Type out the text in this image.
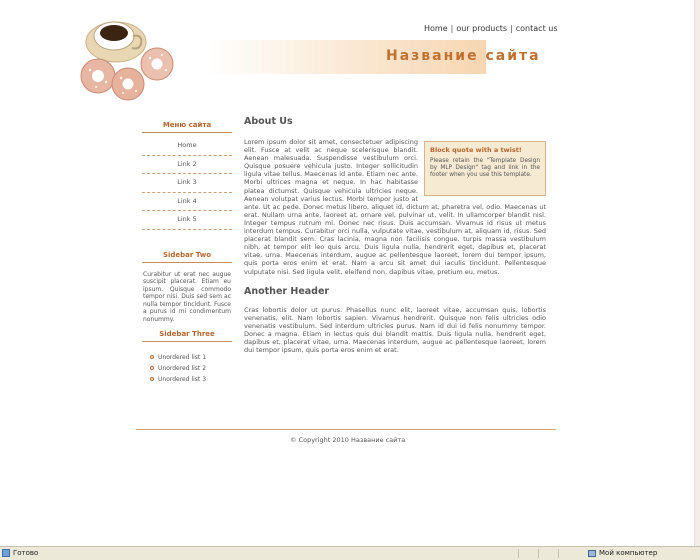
Home | our products | contact us
Название сайта
Меню сайта
Home
Link 2
Link 3
Link 4
Link 5
Sidebar Two
Curabitur ut erat nec augue suscipit placerat. Etiam eu ipsum. Quisque commodo tempor nisi. Duis sed sem ac nulla tempor tincidunt. Fusce a purus id mi condimentum nonummy.
Sidebar Three
Unordered list 1
Unordered list 2
Unordered list 3
About Us
Block quote with a twist!
Please retain the "Template Design by MLP Design" tag and link in the footer when you use this template.
Lorem ipsum dolor sit amet, consectetuer adipiscing elit. Fusce at velit ac neque scelerisque blandit. Aenean malesuada. Suspendisse vestibulum orci. Quisque posuere vehicula justo. Integer sollicitudin ligula vitae tellus. Maecenas id ante. Etiam nec ante. Morbi ultrices magna et neque. In hac habitasse platea dictumst. Quisque vehicula ultricies neque. Aenean volutpat varius lectus. Morbi tempor justo at ante. Ut ac pede. Donec metus libero, aliquet id, dictum at, pharetra vel, odio. Maecenas ut erat. Nullam urna ante, laoreet at, ornare vel, pulvinar ut, velit. In ullamcorper blandit nisl. Integer tempus rutrum mi. Donec nec risus. Duis accumsan. Vivamus id risus ut metus interdum tempus. Curabitur orci nulla, vulputate vitae, vestibulum at, aliquam id, risus. Sed placerat blandit sem. Cras lacinia, magna non facilisis congue, turpis massa vestibulum nibh, at tempor elit leo quis arcu. Duis ligula nulla, hendrerit eget, dapibus et, placerat vitae, urna. Maecenas interdum, augue ac pellentesque laoreet, lorem dui tempor ipsum, quis porta eros enim et erat. Nam a arcu sit amet dui iaculis tincidunt. Pellentesque vulputate nisi. Sed ligula velit, eleifend non, dapibus vitae, pretium eu, metus.
Another Header
Cras lobortis dolor ut purus. Phasellus nunc elit, laoreet vitae, accumsan quis, lobortis venenatis, elit. Nam lobortis sapien. Vivamus hendrerit. Quisque non felis ultricies odio venenatis vestibulum. Sed interdum ultricies purus. Nam id dui id felis nonummy tempor. Donec a magna. Etiam in lectus quis dui blandit mattis. Duis ligula nulla, hendrerit eget, dapibus et, placerat vitae, urna. Maecenas interdum, augue ac pellentesque laoreet, lorem dui tempor ipsum, quis porta eros enim et erat.
© Copyright 2010 Название сайта
Готово	Мой компьютер
